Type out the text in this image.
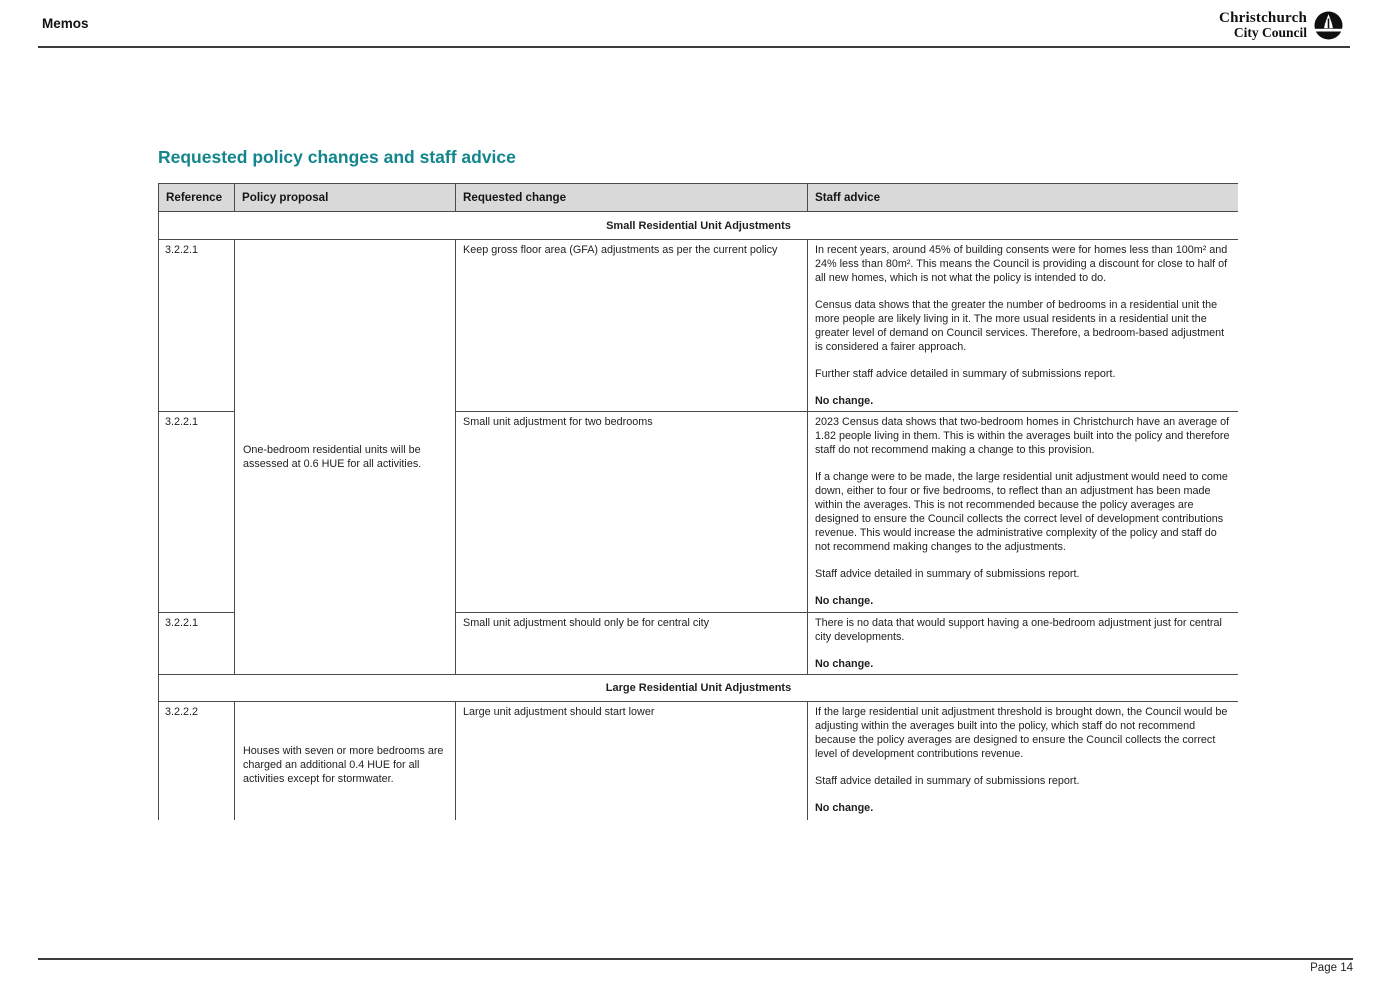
Memos	Christchurch
City Council
Requested policy changes and staff advice
Reference	Policy proposal	Requested change	Staff advice
Small Residential Unit Adjustments			
3.2.2.1	One-bedroom residential units will be assessed at 0.6 HUE for all activities.	Keep gross floor area (GFA) adjustments as per the current policy	In recent years, around 45% of building consents were for homes less than 100m² and 24% less than 80m². This means the Council is providing a discount for close to half of all new homes, which is not what the policy is intended to do.
Census data shows that the greater the number of bedrooms in a residential unit the more people are likely living in it. The more usual residents in a residential unit the greater level of demand on Council services. Therefore, a bedroom-based adjustment is considered a fairer approach.
Further staff advice detailed in summary of submissions report.
No change.

3.2.2.1		Small unit adjustment for two bedrooms	2023 Census data shows that two-bedroom homes in Christchurch have an average of 1.82 people living in them. This is within the averages built into the policy and therefore staff do not recommend making a change to this provision.
If a change were to be made, the large residential unit adjustment would need to come down, either to four or five bedrooms, to reflect than an adjustment has been made within the averages. This is not recommended because the policy averages are designed to ensure the Council collects the correct level of development contributions revenue. This would increase the administrative complexity of the policy and staff do not recommend making changes to the adjustments.
Staff advice detailed in summary of submissions report.
No change.

3.2.2.1		Small unit adjustment should only be for central city	There is no data that would support having a one-bedroom adjustment just for central city developments.
No change.

Large Residential Unit Adjustments			
3.2.2.2	Houses with seven or more bedrooms are charged an additional 0.4 HUE for all activities except for stormwater.	Large unit adjustment should start lower	If the large residential unit adjustment threshold is brought down, the Council would be adjusting within the averages built into the policy, which staff do not recommend because the policy averages are designed to ensure the Council collects the correct level of development contributions revenue.
Staff advice detailed in summary of submissions report.
No change.
Page 14
